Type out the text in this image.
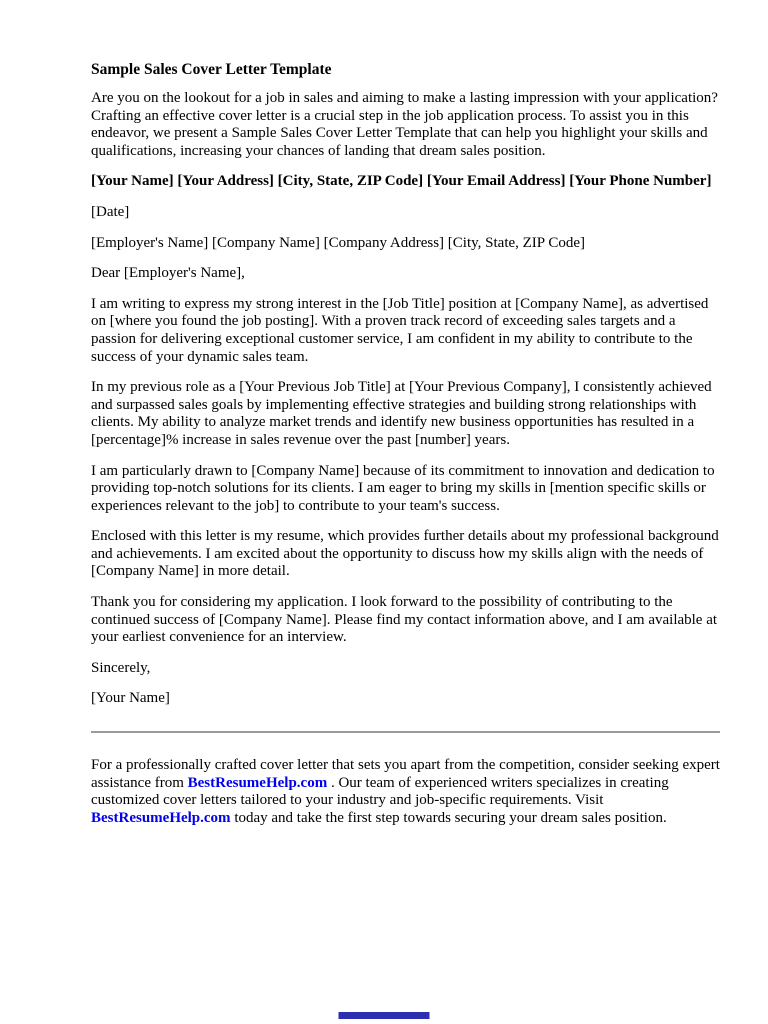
Sample Sales Cover Letter Template

Are you on the lookout for a job in sales and aiming to make a lasting impression with your application? Crafting an effective cover letter is a crucial step in the job application process. To assist you in this endeavor, we present a Sample Sales Cover Letter Template that can help you highlight your skills and qualifications, increasing your chances of landing that dream sales position.

[Your Name] [Your Address] [City, State, ZIP Code] [Your Email Address] [Your Phone Number]

[Date]

[Employer's Name] [Company Name] [Company Address] [City, State, ZIP Code]

Dear [Employer's Name],

I am writing to express my strong interest in the [Job Title] position at [Company Name], as advertised on [where you found the job posting]. With a proven track record of exceeding sales targets and a passion for delivering exceptional customer service, I am confident in my ability to contribute to the success of your dynamic sales team.

In my previous role as a [Your Previous Job Title] at [Your Previous Company], I consistently achieved and surpassed sales goals by implementing effective strategies and building strong relationships with clients. My ability to analyze market trends and identify new business opportunities has resulted in a [percentage]% increase in sales revenue over the past [number] years.

I am particularly drawn to [Company Name] because of its commitment to innovation and dedication to providing top-notch solutions for its clients. I am eager to bring my skills in [mention specific skills or experiences relevant to the job] to contribute to your team's success.

Enclosed with this letter is my resume, which provides further details about my professional background and achievements. I am excited about the opportunity to discuss how my skills align with the needs of [Company Name] in more detail.

Thank you for considering my application. I look forward to the possibility of contributing to the continued success of [Company Name]. Please find my contact information above, and I am available at your earliest convenience for an interview.

Sincerely,

[Your Name]

For a professionally crafted cover letter that sets you apart from the competition, consider seeking expert assistance from BestResumeHelp.com . Our team of experienced writers specializes in creating customized cover letters tailored to your industry and job-specific requirements. Visit BestResumeHelp.com today and take the first step towards securing your dream sales position.
